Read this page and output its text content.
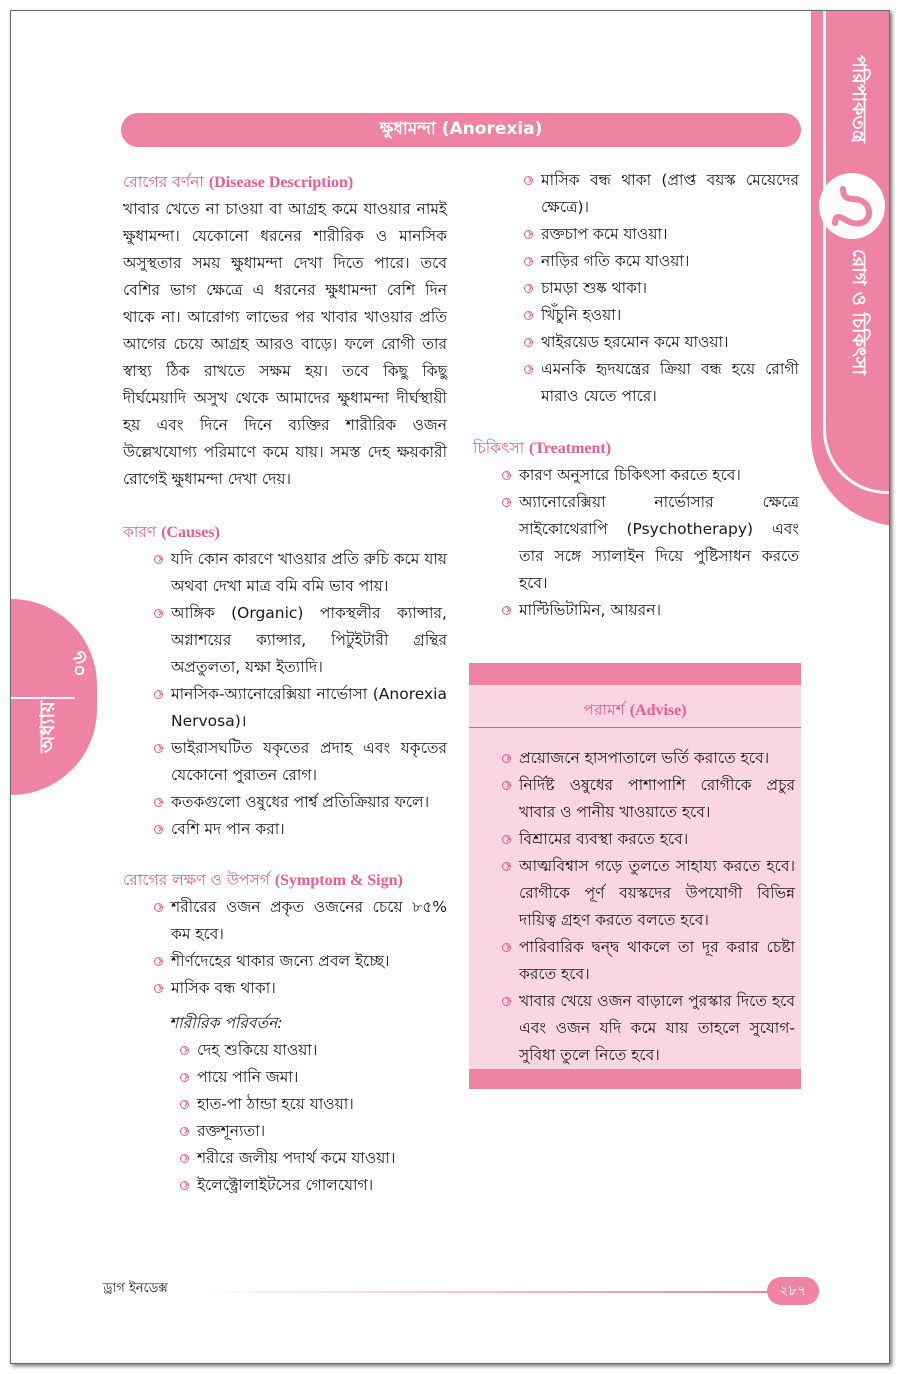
পরিপাকতন্ত্র
রোগ ও চিকিৎসা
অধ্যায়
০৬
ক্ষুধামন্দা (Anorexia)
রোগের বর্ণনা (Disease Description)
খাবার খেতে না চাওয়া বা আগ্রহ কমে যাওয়ার নামই ক্ষুধামন্দা। যেকোনো ধরনের শারীরিক ও মানসিক অসুস্থতার সময় ক্ষুধামন্দা দেখা দিতে পারে। তবে বেশির ভাগ ক্ষেত্রে এ ধরনের ক্ষুধামন্দা বেশি দিন থাকে না। আরোগ্য লাভের পর খাবার খাওয়ার প্রতি আগের চেয়ে আগ্রহ আরও বাড়ে। ফলে রোগী তার স্বাস্থ্য ঠিক রাখতে সক্ষম হয়। তবে কিছু কিছু দীর্ঘমেয়াদি অসুখ থেকে আমাদের ক্ষুধামন্দা দীর্ঘস্থায়ী হয় এবং দিনে দিনে ব্যক্তির শারীরিক ওজন উল্লেখযোগ্য পরিমাণে কমে যায়। সমস্ত দেহ ক্ষয়কারী রোগেই ক্ষুধামন্দা দেখা দেয়।
কারণ (Causes)
যদি কোন কারণে খাওয়ার প্রতি রুচি কমে যায় অথবা দেখা মাত্র বমি বমি ভাব পায়।
আঙ্গিক (Organic) পাকস্থলীর ক্যান্সার, অগ্নাশয়ের ক্যান্সার, পিটুইটারী গ্রন্থির অপ্রতুলতা, যক্ষা ইত্যাদি।
মানসিক-অ্যানোরেক্সিয়া নার্ভোসা (Anorexia Nervosa)।
ভাইরাসঘটিত যকৃতের প্রদাহ এবং যকৃতের যেকোনো পুরাতন রোগ।
কতকগুলো ওষুধের পার্শ্ব প্রতিক্রিয়ার ফলে।
বেশি মদ পান করা।
রোগের লক্ষণ ও উপসর্গ (Symptom & Sign)
শরীরের ওজন প্রকৃত ওজনের চেয়ে ৮৫% কম হবে।
শীর্ণদেহের থাকার জন্যে প্রবল ইচ্ছে।
মাসিক বন্ধ থাকা।
শারীরিক পরিবর্তন:
দেহ শুকিয়ে যাওয়া।
পায়ে পানি জমা।
হাত-পা ঠান্ডা হয়ে যাওয়া।
রক্তশূন্যতা।
শরীরে জলীয় পদার্থ কমে যাওয়া।
ইলেক্ট্রোলাইটসের গোলযোগ।
মাসিক বন্ধ থাকা (প্রাপ্ত বয়স্ক মেয়েদের ক্ষেত্রে)।
রক্তচাপ কমে যাওয়া।
নাড়ির গতি কমে যাওয়া।
চামড়া শুষ্ক থাকা।
খিঁচুনি হওয়া।
থাইরয়েড হরমোন কমে যাওয়া।
এমনকি হৃদযন্ত্রের ক্রিয়া বন্ধ হয়ে রোগী মারাও যেতে পারে।
চিকিৎসা (Treatment)
কারণ অনুসারে চিকিৎসা করতে হবে।
অ্যানোরেক্সিয়া নার্ভোসার ক্ষেত্রে সাইকোথেরাপি (Psychotherapy) এবং তার সঙ্গে স্যালাইন দিয়ে পুষ্টিসাধন করতে হবে।
মাল্টিভিটামিন, আয়রন।
পরামর্শ (Advise)
প্রয়োজনে হাসপাতালে ভর্তি করাতে হবে।
নির্দিষ্ট ওষুধের পাশাপাশি রোগীকে প্রচুর খাবার ও পানীয় খাওয়াতে হবে।
বিশ্রামের ব্যবস্থা করতে হবে।
আত্মবিশ্বাস গড়ে তুলতে সাহায্য করতে হবে। রোগীকে পূর্ণ বয়স্কদের উপযোগী বিভিন্ন দায়িত্ব গ্রহণ করতে বলতে হবে।
পারিবারিক দ্বন্দ্ব থাকলে তা দূর করার চেষ্টা করতে হবে।
খাবার খেয়ে ওজন বাড়ালে পুরস্কার দিতে হবে এবং ওজন যদি কমে যায় তাহলে সুযোগ-সুবিধা তুলে নিতে হবে।
ড্রাগ ইনডেক্স	২৮৭
